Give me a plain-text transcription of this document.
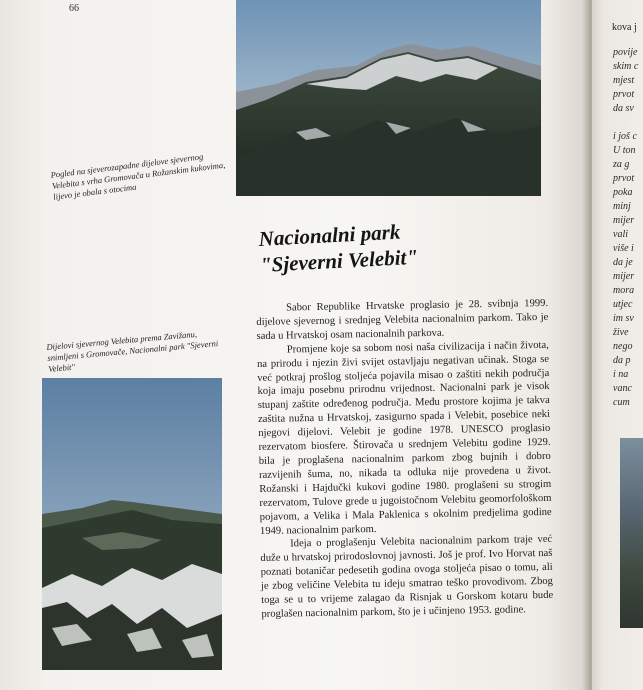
66
Pogled na sjeverozapadne dijelove sjevernog Velebita s vrha Gromovača u Rožanskim kukovima, lijevo je obala s otocima
Nacionalni park
"Sjeverni Velebit"

Sabor Republike Hrvatske proglasio je 28. svibnja 1999. dijelove sjevernog i srednjeg Velebita nacionalnim parkom. Tako je sada u Hrvatskoj osam nacionalnih parkova.

Promjene koje sa sobom nosi naša civilizacija i način života, na prirodu i njezin živi svijet ostavljaju negativan učinak. Stoga se već potkraj prošlog stoljeća pojavila misao o zaštiti nekih područja koja imaju posebnu prirodnu vrijednost. Nacionalni park je visok stupanj zaštite određenog područja. Među prostore kojima je takva zaštita nužna u Hrvatskoj, zasigurno spada i Velebit, posebice neki njegovi dijelovi. Velebit je godine 1978. UNESCO proglasio rezervatom biosfere. Štirovača u srednjem Velebitu godine 1929. bila je proglašena nacionalnim parkom zbog bujnih i dobro razvijenih šuma, no, nikada ta odluka nije provedena u život. Rožanski i Hajdučki kukovi godine 1980. proglašeni su strogim rezervatom, Tulove grede u jugoistočnom Velebitu geomorfološkom pojavom, a Velika i Mala Paklenica s okolnim predjelima godine 1949. nacionalnim parkom.

Ideja o proglašenju Velebita nacionalnim parkom traje već duže u hrvatskoj prirodoslovnoj javnosti. Još je prof. Ivo Horvat naš poznati botaničar pedesetih godina ovoga stoljeća pisao o tomu, ali je zbog veličine Velebita tu ideju smatrao teško provodivom. Zbog toga se u to vrijeme zalagao da Risnjak u Gorskom kotaru bude proglašen nacionalnim parkom, što je i učinjeno 1953. godine.

Dijelovi sjevernog Velebita prema Zavižanu, snimljeni s Gromovače, Nacionalni park "Sjeverni Velebit"
kova j
povije
skim c
mjest
prvot
da sv

i još c
U ton
za g
prvot
poka
minj
mijer
vali
više i
da je
mijer
mora
utjec
im sv
žive
nego
da p
i na
vanc
cum
